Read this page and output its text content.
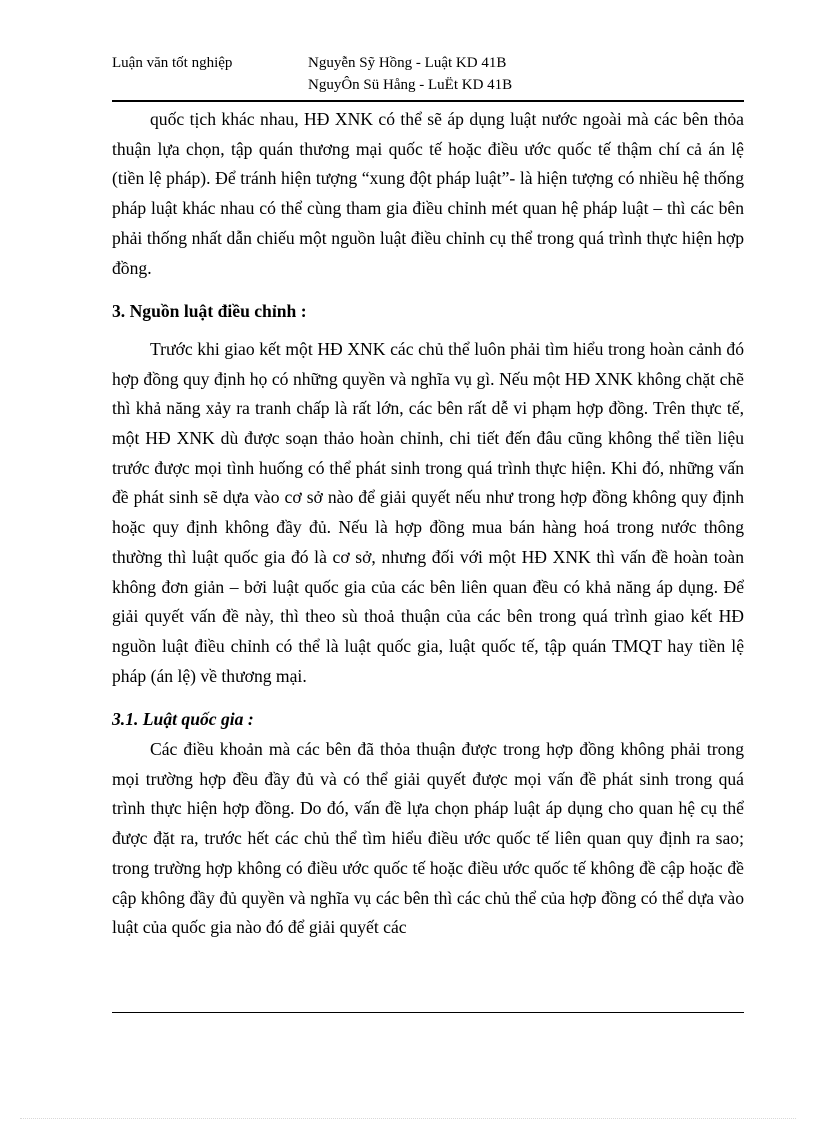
Luận văn tốt nghiệp	Nguyễn Sỹ Hồng - Luật KD 41B
NguyÔn Sü Hång - LuËt KD 41B

quốc tịch khác nhau, HĐ XNK có thể sẽ áp dụng luật nước ngoài mà các bên thỏa thuận lựa chọn, tập quán thương mại quốc tế hoặc điều ước quốc tế thậm chí cả án lệ (tiền lệ pháp). Để tránh hiện tượng “xung đột pháp luật”- là hiện tượng có nhiều hệ thống pháp luật khác nhau có thể cùng tham gia điều chỉnh mét quan hệ pháp luật – thì các bên phải thống nhất dẫn chiếu một nguồn luật điều chỉnh cụ thể trong quá trình thực hiện hợp đồng.

3. Nguồn luật điều chỉnh :

Trước khi giao kết một HĐ XNK các chủ thể luôn phải tìm hiểu trong hoàn cảnh đó hợp đồng quy định họ có những quyền và nghĩa vụ gì. Nếu một HĐ XNK không chặt chẽ thì khả năng xảy ra tranh chấp là rất lớn, các bên rất dễ vi phạm hợp đồng. Trên thực tế, một HĐ XNK dù được soạn thảo hoàn chỉnh, chi tiết đến đâu cũng không thể tiền liệu trước được mọi tình huống có thể phát sinh trong quá trình thực hiện. Khi đó, những vấn đề phát sinh sẽ dựa vào cơ sở nào để giải quyết nếu như trong hợp đồng không quy định hoặc quy định không đầy đủ. Nếu là hợp đồng mua bán hàng hoá trong nước thông thường thì luật quốc gia đó là cơ sở, nhưng đối với một HĐ XNK thì vấn đề hoàn toàn không đơn giản – bởi luật quốc gia của các bên liên quan đều có khả năng áp dụng. Để giải quyết vấn đề này, thì theo sù thoả thuận của các bên trong quá trình giao kết HĐ nguồn luật điều chỉnh có thể là luật quốc gia, luật quốc tế, tập quán TMQT hay tiền lệ pháp (án lệ) về thương mại.

3.1. Luật quốc gia :

Các điều khoản mà các bên đã thỏa thuận được trong hợp đồng không phải trong mọi trường hợp đều đầy đủ và có thể giải quyết được mọi vấn đề phát sinh trong quá trình thực hiện hợp đồng. Do đó, vấn đề lựa chọn pháp luật áp dụng cho quan hệ cụ thể được đặt ra, trước hết các chủ thể tìm hiểu điều ước quốc tế liên quan quy định ra sao; trong trường hợp không có điều ước quốc tế hoặc điều ước quốc tế không đề cập hoặc đề cập không đầy đủ quyền và nghĩa vụ các bên thì các chủ thể của hợp đồng có thể dựa vào luật của quốc gia nào đó để giải quyết các
